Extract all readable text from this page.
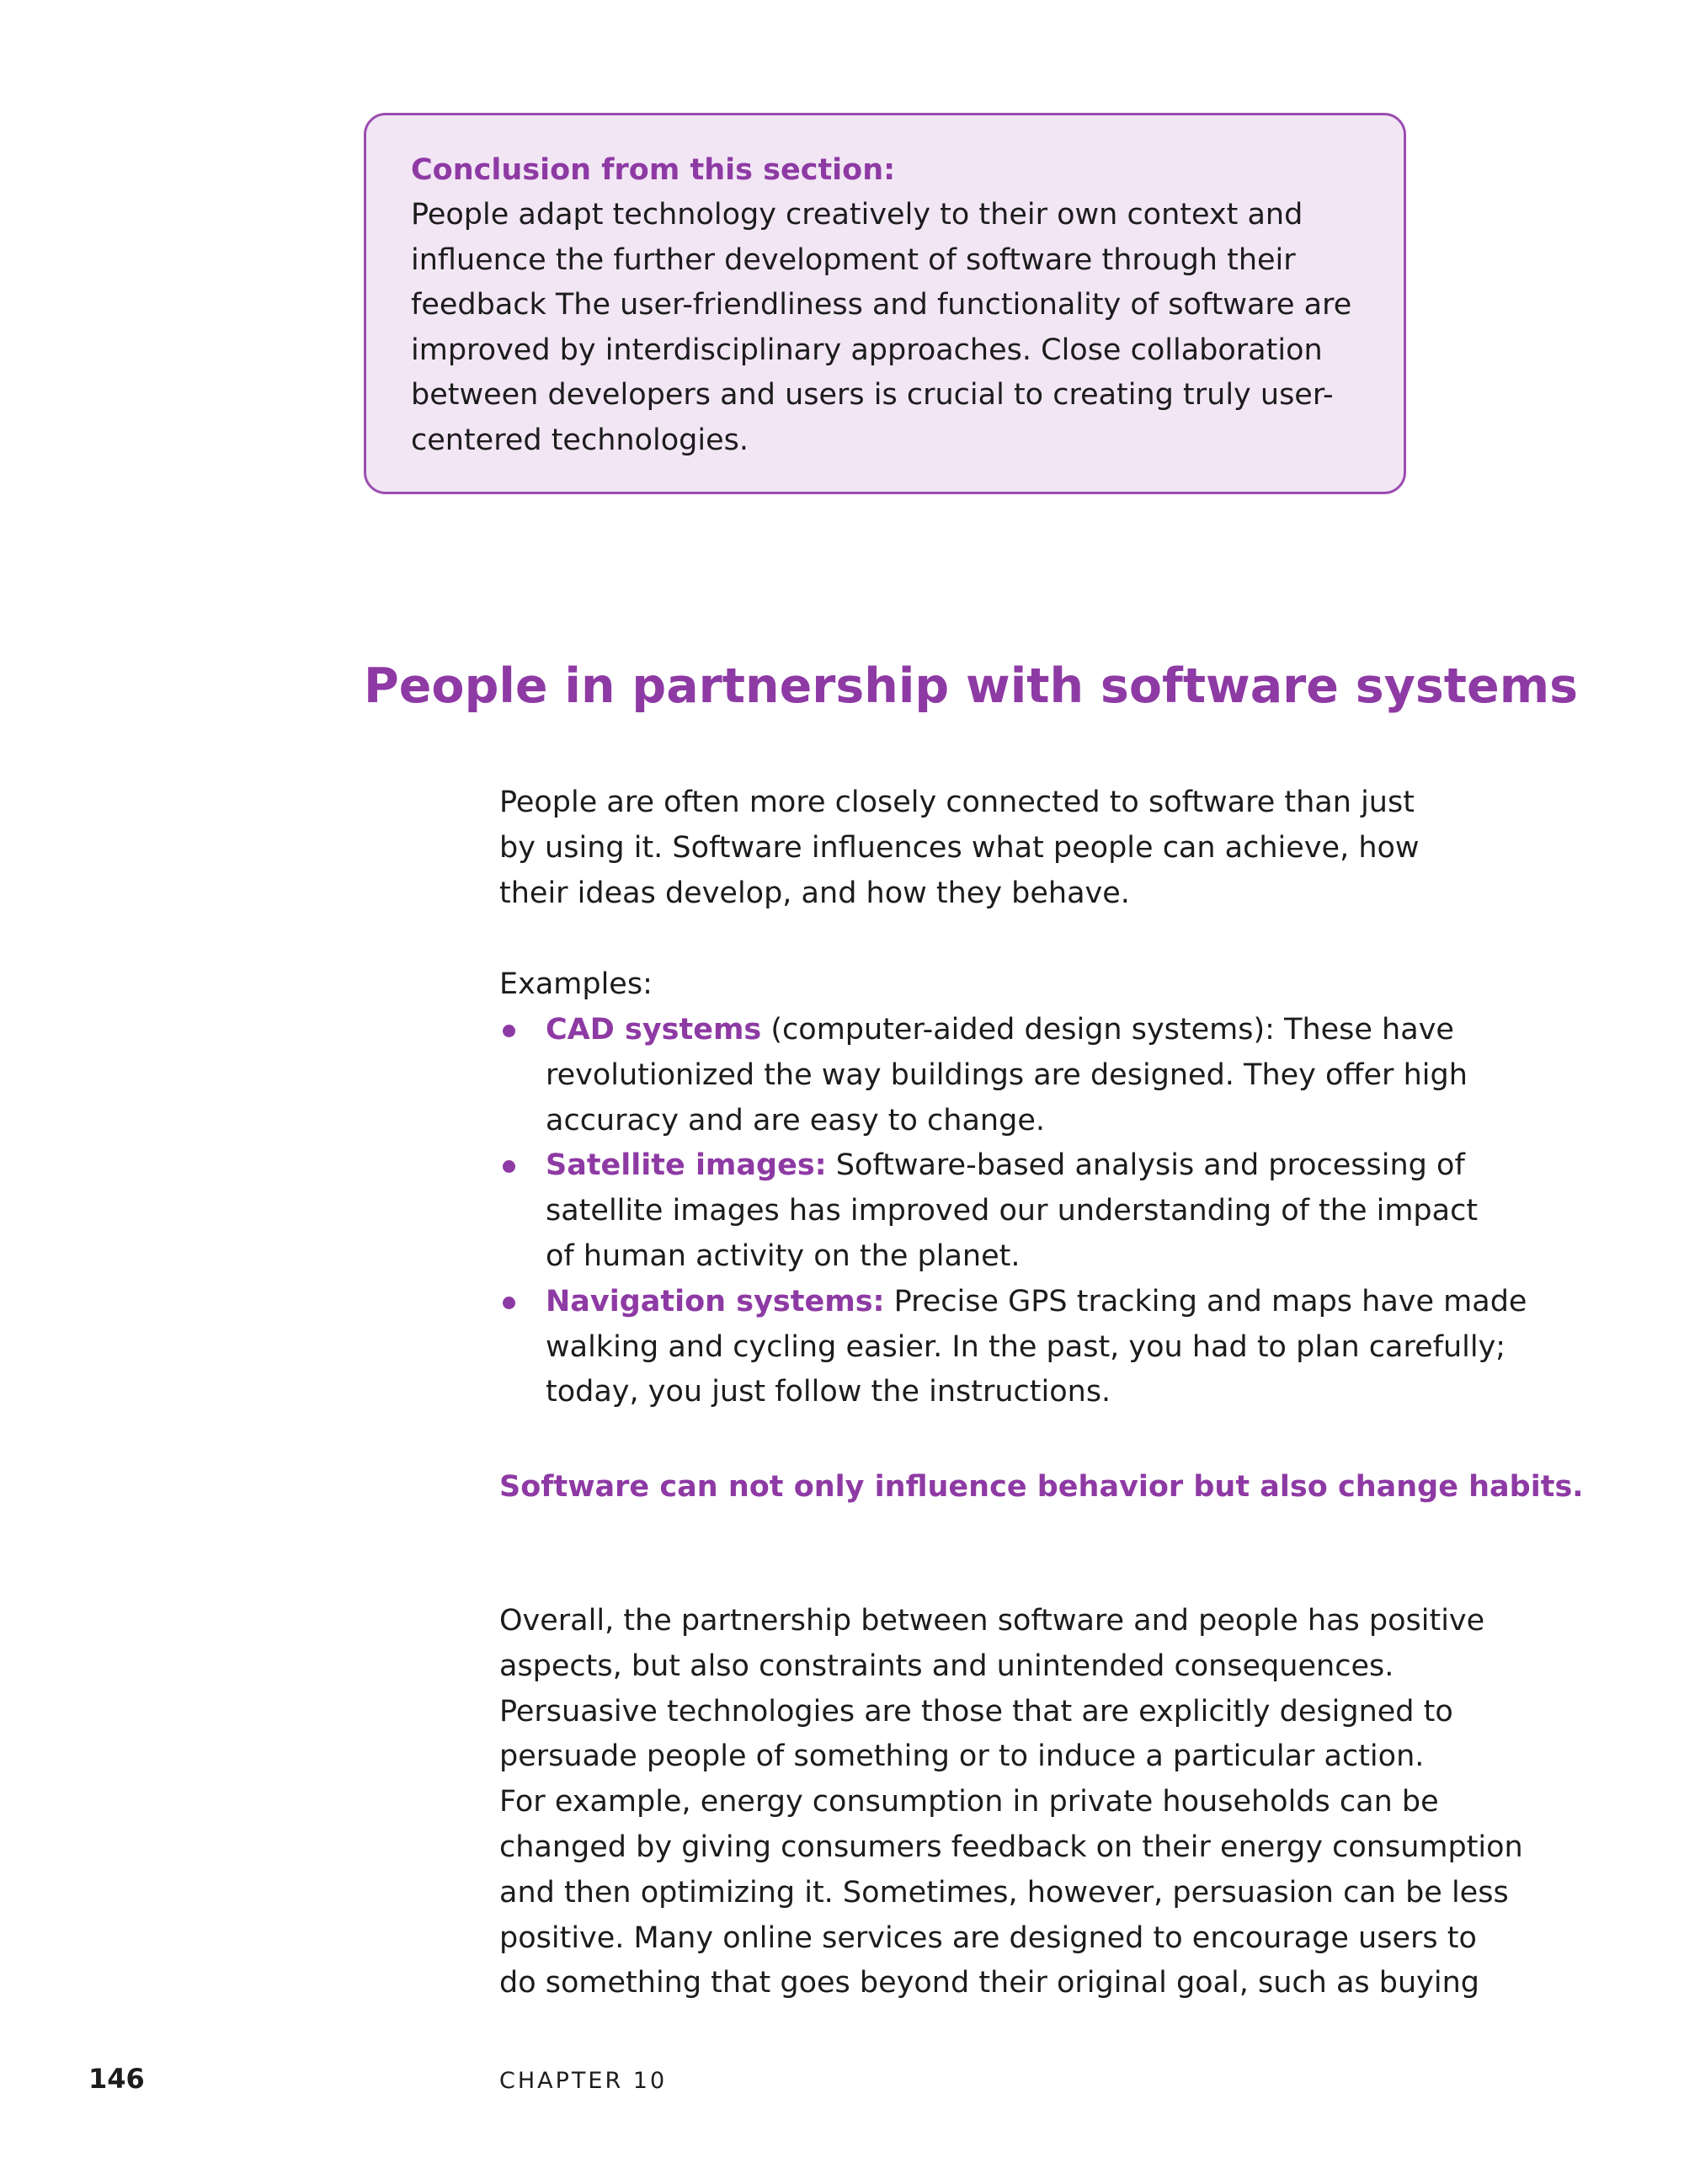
Conclusion from this section:
People adapt technology creatively to their own context and
influence the further development of software through their
feedback The user-friendliness and functionality of software are
improved by interdisciplinary approaches. Close collaboration
between developers and users is crucial to creating truly user-
centered technologies.
People in partnership with software systems
People are often more closely connected to software than just
by using it. Software influences what people can achieve, how
their ideas develop, and how they behave.
Examples:
CAD systems (computer-aided design systems): These have
revolutionized the way buildings are designed. They offer high
accuracy and are easy to change.
Satellite images: Software-based analysis and processing of
satellite images has improved our understanding of the impact
of human activity on the planet.
Navigation systems: Precise GPS tracking and maps have made
walking and cycling easier. In the past, you had to plan carefully;
today, you just follow the instructions.
Software can not only influence behavior but also change habits.
Overall, the partnership between software and people has positive
aspects, but also constraints and unintended consequences.
Persuasive technologies are those that are explicitly designed to
persuade people of something or to induce a particular action.
For example, energy consumption in private households can be
changed by giving consumers feedback on their energy consumption
and then optimizing it. Sometimes, however, persuasion can be less
positive. Many online services are designed to encourage users to
do something that goes beyond their original goal, such as buying
146	CHAPTER 10
